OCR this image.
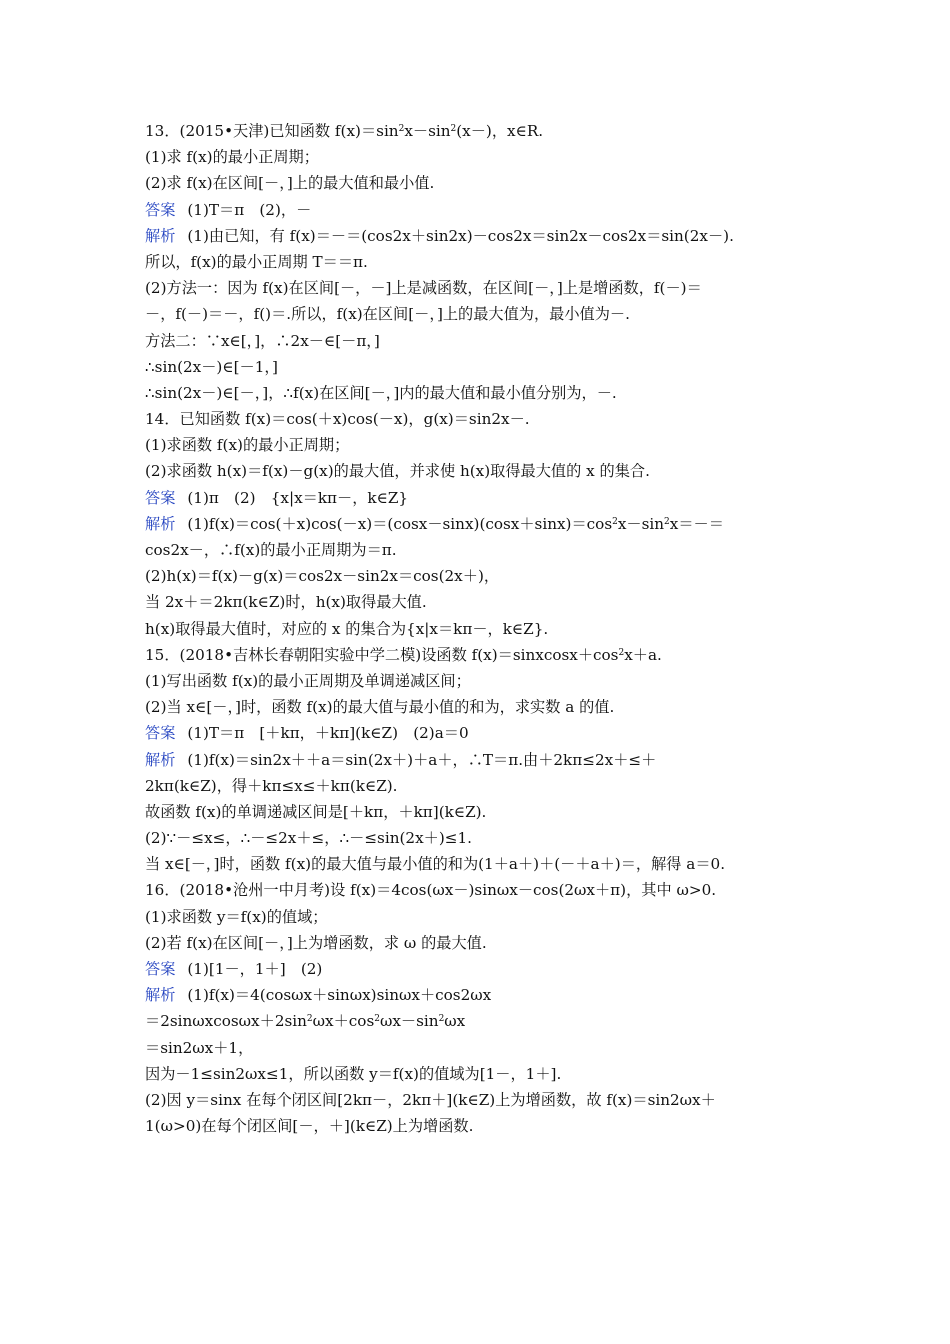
13．(2015•天津)已知函数 $f(x)=\sin^2x-\sin^2(x-)$，x∈R.
(1)求 f(x)的最小正周期；
(2)求 f(x)在区间[－，]上的最大值和最小值.
答案 (1)T＝π　(2)，－
解析 (1)由已知，有 f(x)＝－＝(cos2x＋sin2x)－cos2x＝sin2x－cos2x＝sin(2x－).
所以，f(x)的最小正周期 T＝＝π.
(2)方法一：因为 f(x)在区间[－，－]上是减函数，在区间[－，]上是增函数，f(－)＝
－，f(－)＝－，f()＝.所以，f(x)在区间[－，]上的最大值为，最小值为－.
方法二：∵x∈[，]，∴2x－∈[－π，]
∴sin(2x－)∈[－1，]
∴sin(2x－)∈[－，]，∴f(x)在区间[－，]内的最大值和最小值分别为，－.
14．已知函数 f(x)＝cos(＋x)cos(－x)，g(x)＝sin2x－.
(1)求函数 f(x)的最小正周期；
(2)求函数 h(x)＝f(x)－g(x)的最大值，并求使 h(x)取得最大值的 x 的集合.
答案 (1)π　(2)　{x|x＝kπ－，k∈Z}
解析 $(1)f(x)=\cos(+x)\cos(-x)=(\cos x-\sin x)(\cos x+\sin x)=\cos^2x-\sin^2x=-=$
cos2x－，∴f(x)的最小正周期为＝π.
(2)h(x)＝f(x)－g(x)＝cos2x－sin2x＝cos(2x＋)，
当 2x＋＝2kπ(k∈Z)时，h(x)取得最大值.
h(x)取得最大值时，对应的 x 的集合为{x|x＝kπ－，k∈Z}.
15．(2018•吉林长春朝阳实验中学二模)设函数 $f(x)=sinxcosx+\cos^2x+a$.
(1)写出函数 f(x)的最小正周期及单调递减区间；
(2)当 x∈[－，]时，函数 f(x)的最大值与最小值的和为，求实数 a 的值.
答案 (1)T＝π　[＋kπ，＋kπ](k∈Z)　(2)a＝0
解析 (1)f(x)＝sin2x＋＋a＝sin(2x＋)＋a＋，∴T＝π.由＋2kπ≤2x＋≤＋
2kπ(k∈Z)，得＋kπ≤x≤＋kπ(k∈Z).
故函数 f(x)的单调递减区间是[＋kπ，＋kπ](k∈Z).
(2)∵－≤x≤，∴－≤2x＋≤，∴－≤sin(2x＋)≤1.
当 x∈[－，]时，函数 f(x)的最大值与最小值的和为(1＋a＋)＋(－＋a＋)＝，解得 a＝0.
16．(2018•沧州一中月考)设 f(x)＝4cos(ωx－)sinωx－cos(2ωx＋π)，其中 ω>0.
(1)求函数 y＝f(x)的值域；
(2)若 f(x)在区间[－，]上为增函数，求 ω 的最大值.
答案 (1)[1－，1＋]　(2)
解析 (1)f(x)＝4(cosωx＋sinωx)sinωx＋cos2ωx
$=2\sin\omega xcos\omega x+2\sin^2\omega x+\cos^2\omega x-\sin^2\omega x$
＝sin2ωx＋1，
因为－1≤sin2ωx≤1，所以函数 y＝f(x)的值域为[1－，1＋].
(2)因 y＝sinx 在每个闭区间[2kπ－，2kπ＋](k∈Z)上为增函数，故 f(x)＝sin2ωx＋
1(ω>0)在每个闭区间[－，＋](k∈Z)上为增函数.
